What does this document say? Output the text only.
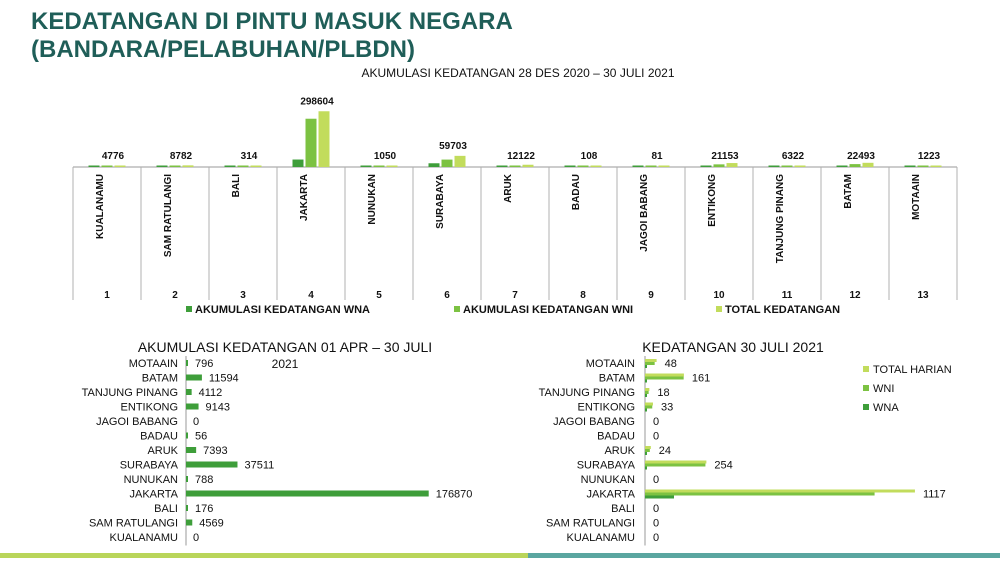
KEDATANGAN DI PINTU MASUK NEGARA
(BANDARA/PELABUHAN/PLBDN)
AKUMULASI KEDATANGAN 28 DES 2020 – 30 JULI 2021
4776
KUALANAMU
1
8782
SAM RATULANGI
2
314
BALI
3
298604
JAKARTA
4
1050
NUNUKAN
5
59703
SURABAYA
6
12122
ARUK
7
108
BADAU
8
81
JAGOI BABANG
9
21153
ENTIKONG
10
6322
TANJUNG PINANG
11
22493
BATAM
12
1223
MOTAAIN
13
AKUMULASI KEDATANGAN WNA	AKUMULASI KEDATANGAN WNI	TOTAL KEDATANGAN
AKUMULASI KEDATANGAN 01 APR – 30 JULI
2021
MOTAAIN 796
BATAM	11594
TANJUNG PINANG 4112
ENTIKONG	9143
JAGOI BABANG 0
BADAU 56
ARUK 7393
SURABAYA	37511
NUNUKAN 788
JAKARTA	176870
BALI 176
SAM RATULANGI 4569
KUALANAMU 0
KEDATANGAN 30 JULI 2021
MOTAAIN	48
BATAM	161
TANJUNG PINANG 18
ENTIKONG 33
JAGOI BABANG 0
BADAU 0
ARUK 24
SURABAYA	254
NUNUKAN 0
JAKARTA	1117
BALI 0
SAM RATULANGI 0
KUALANAMU 0
TOTAL HARIAN
WNI
WNA
